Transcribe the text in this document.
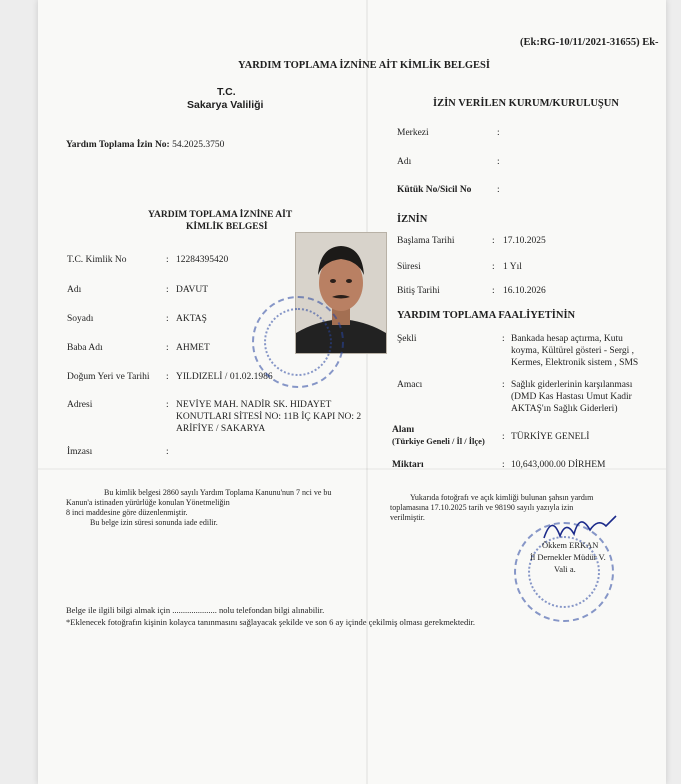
(Ek:RG-10/11/2021-31655) Ek-
YARDIM TOPLAMA İZNİNE AİT KİMLİK BELGESİ
T.C.
Sakarya Valiliği	İZİN VERİLEN KURUM/KURULUŞUN
Merkezi	:
Adı	:
Kütük No/Sicil No	:
Yardım Toplama İzin No: 54.2025.3750
YARDIM TOPLAMA İZNİNE AİT
KİMLİK BELGESİ
İZNİN
T.C. Kimlik No	: 12284395420
Adı	: DAVUT
Soyadı	: AKTAŞ
Baba Adı	: AHMET
Doğum Yeri ve Tarihi : YILDIZELİ / 01.02.1986
Adresi	: NEVİYE MAH. NADİR SK. HIDAYET
KONUTLARI SİTESİ NO: 11B İÇ KAPI NO: 2
ARİFİYE / SAKARYA
İmzası	:
Başlama Tarihi	: 17.10.2025
Süresi	: 1 Yıl
Bitiş Tarihi	: 16.10.2026
YARDIM TOPLAMA FAALİYETİNİN
Şekli	: Bankada hesap açtırma, Kutu
koyma, Kültürel gösteri - Sergi ,
Kermes, Elektronik sistem , SMS
Amacı	: Sağlık giderlerinin karşılanması
(DMD Kas Hastası Umut Kadir
AKTAŞ'ın Sağlık Giderleri)
Alanı
(Türkiye Geneli / İl / İlçe) : TÜRKİYE GENELİ
Miktarı	: 10,643,000.00 DİRHEM
Bu kimlik belgesi 2860 sayılı Yardım Toplama Kanunu'nun 7 nci ve bu
Kanun'a istinaden yürürlüğe konulan Yönetmeliğin
8 inci maddesine göre düzenlenmiştir.
Bu belge izin süresi sonunda iade edilir.
Yukarıda fotoğrafı ve açık kimliği bulunan şahsın yardım
toplamasına 17.10.2025 tarih ve 98190 sayılı yazıyla izin
verilmiştir.
Ökkem ERKAN
İl Dernekler Müdür V.
Vali a.
Belge ile ilgili bilgi almak için ..................... nolu telefondan bilgi alınabilir.
*Eklenecek fotoğrafın kişinin kolayca tanınmasını sağlayacak şekilde ve son 6 ay içinde çekilmiş olması gerekmektedir.
